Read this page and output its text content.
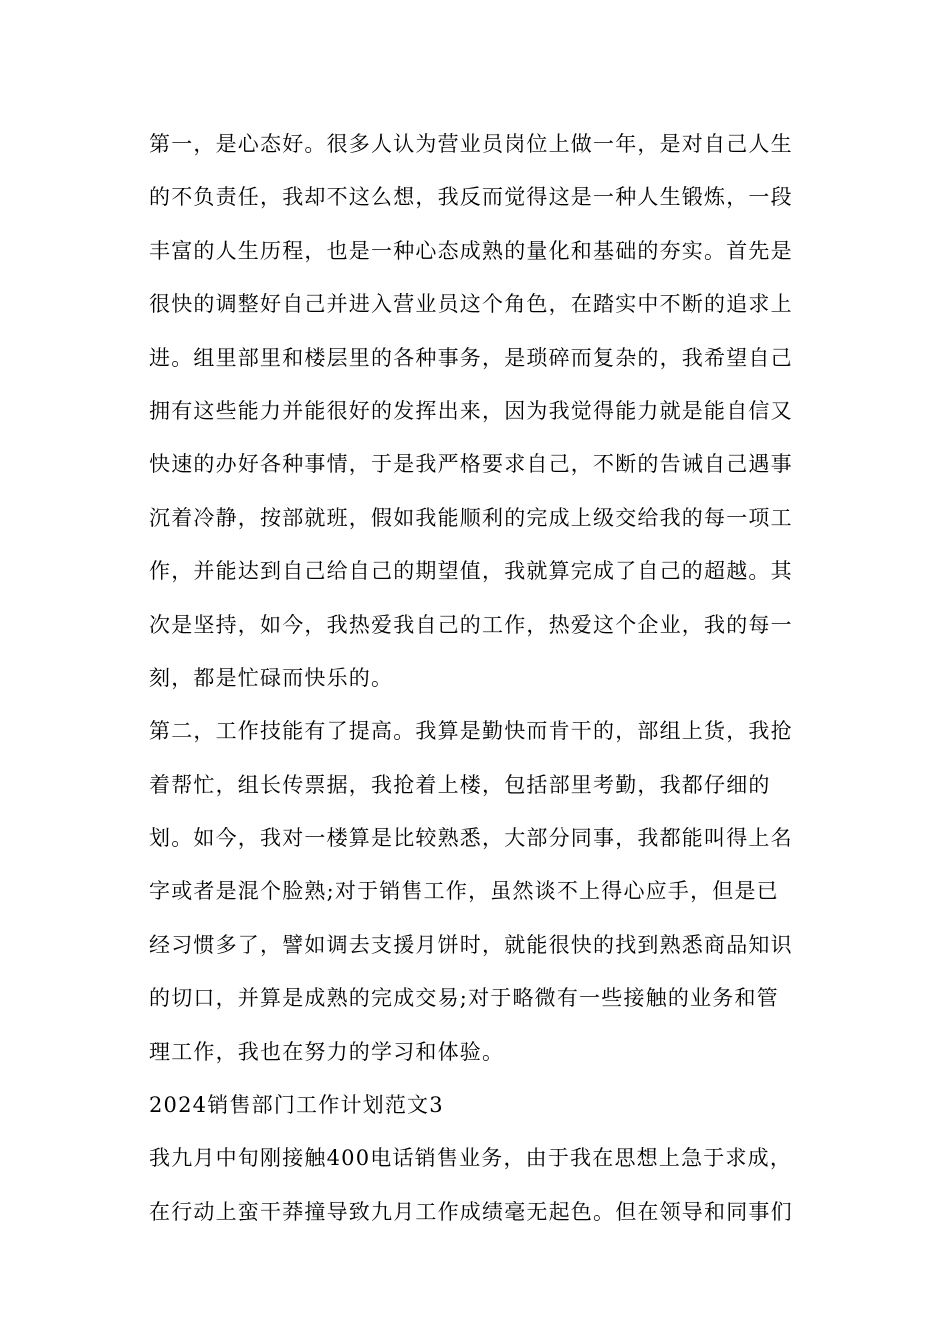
第一，是心态好。很多人认为营业员岗位上做一年，是对自己人生
的不负责任，我却不这么想，我反而觉得这是一种人生锻炼，一段
丰富的人生历程，也是一种心态成熟的量化和基础的夯实。首先是
很快的调整好自己并进入营业员这个角色，在踏实中不断的追求上
进。组里部里和楼层里的各种事务，是琐碎而复杂的，我希望自己
拥有这些能力并能很好的发挥出来，因为我觉得能力就是能自信又
快速的办好各种事情，于是我严格要求自己，不断的告诫自己遇事
沉着冷静，按部就班，假如我能顺利的完成上级交给我的每一项工
作，并能达到自己给自己的期望值，我就算完成了自己的超越。其
次是坚持，如今，我热爱我自己的工作，热爱这个企业，我的每一
刻，都是忙碌而快乐的。
第二，工作技能有了提高。我算是勤快而肯干的，部组上货，我抢
着帮忙，组长传票据，我抢着上楼，包括部里考勤，我都仔细的
划。如今，我对一楼算是比较熟悉，大部分同事，我都能叫得上名
字或者是混个脸熟;对于销售工作，虽然谈不上得心应手，但是已
经习惯多了，譬如调去支援月饼时，就能很快的找到熟悉商品知识
的切口，并算是成熟的完成交易;对于略微有一些接触的业务和管
理工作，我也在努力的学习和体验。
2024销售部门工作计划范文3
我九月中旬刚接触400电话销售业务，由于我在思想上急于求成，
在行动上蛮干莽撞导致九月工作成绩毫无起色。但在领导和同事们
